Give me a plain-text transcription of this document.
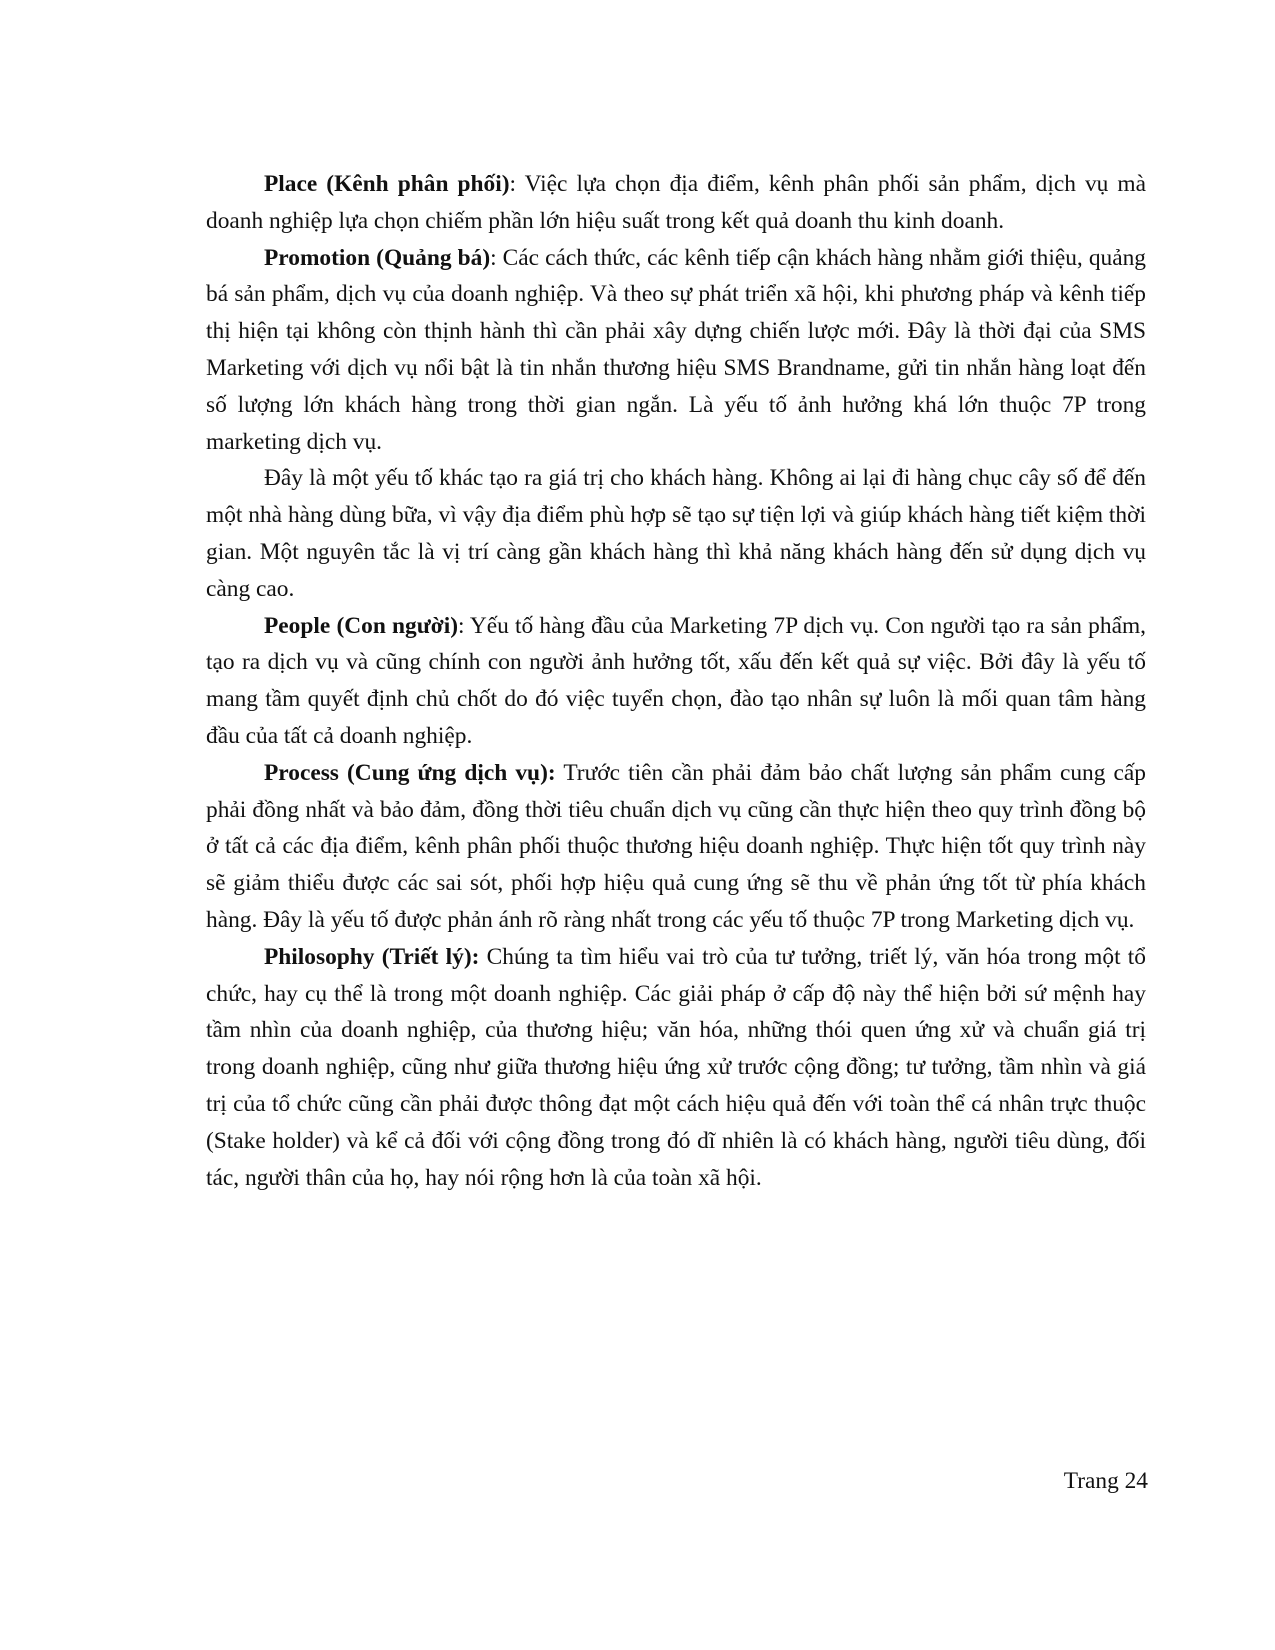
Place (Kênh phân phối): Việc lựa chọn địa điểm, kênh phân phối sản phẩm, dịch vụ mà doanh nghiệp lựa chọn chiếm phần lớn hiệu suất trong kết quả doanh thu kinh doanh.

Promotion (Quảng bá): Các cách thức, các kênh tiếp cận khách hàng nhằm giới thiệu, quảng bá sản phẩm, dịch vụ của doanh nghiệp. Và theo sự phát triển xã hội, khi phương pháp và kênh tiếp thị hiện tại không còn thịnh hành thì cần phải xây dựng chiến lược mới. Đây là thời đại của SMS Marketing với dịch vụ nổi bật là tin nhắn thương hiệu SMS Brandname, gửi tin nhắn hàng loạt đến số lượng lớn khách hàng trong thời gian ngắn. Là yếu tố ảnh hưởng khá lớn thuộc 7P trong marketing dịch vụ.

Đây là một yếu tố khác tạo ra giá trị cho khách hàng. Không ai lại đi hàng chục cây số để đến một nhà hàng dùng bữa, vì vậy địa điểm phù hợp sẽ tạo sự tiện lợi và giúp khách hàng tiết kiệm thời gian. Một nguyên tắc là vị trí càng gần khách hàng thì khả năng khách hàng đến sử dụng dịch vụ càng cao.

People (Con người): Yếu tố hàng đầu của Marketing 7P dịch vụ. Con người tạo ra sản phẩm, tạo ra dịch vụ và cũng chính con người ảnh hưởng tốt, xấu đến kết quả sự việc. Bởi đây là yếu tố mang tầm quyết định chủ chốt do đó việc tuyển chọn, đào tạo nhân sự luôn là mối quan tâm hàng đầu của tất cả doanh nghiệp.

Process (Cung ứng dịch vụ): Trước tiên cần phải đảm bảo chất lượng sản phẩm cung cấp phải đồng nhất và bảo đảm, đồng thời tiêu chuẩn dịch vụ cũng cần thực hiện theo quy trình đồng bộ ở tất cả các địa điểm, kênh phân phối thuộc thương hiệu doanh nghiệp. Thực hiện tốt quy trình này sẽ giảm thiểu được các sai sót, phối hợp hiệu quả cung ứng sẽ thu về phản ứng tốt từ phía khách hàng. Đây là yếu tố được phản ánh rõ ràng nhất trong các yếu tố thuộc 7P trong Marketing dịch vụ.

Philosophy (Triết lý): Chúng ta tìm hiểu vai trò của tư tưởng, triết lý, văn hóa trong một tổ chức, hay cụ thể là trong một doanh nghiệp. Các giải pháp ở cấp độ này thể hiện bởi sứ mệnh hay tầm nhìn của doanh nghiệp, của thương hiệu; văn hóa, những thói quen ứng xử và chuẩn giá trị trong doanh nghiệp, cũng như giữa thương hiệu ứng xử trước cộng đồng; tư tưởng, tầm nhìn và giá trị của tổ chức cũng cần phải được thông đạt một cách hiệu quả đến với toàn thể cá nhân trực thuộc (Stake holder) và kể cả đối với cộng đồng trong đó dĩ nhiên là có khách hàng, người tiêu dùng, đối tác, người thân của họ, hay nói rộng hơn là của toàn xã hội.

Trang 24
